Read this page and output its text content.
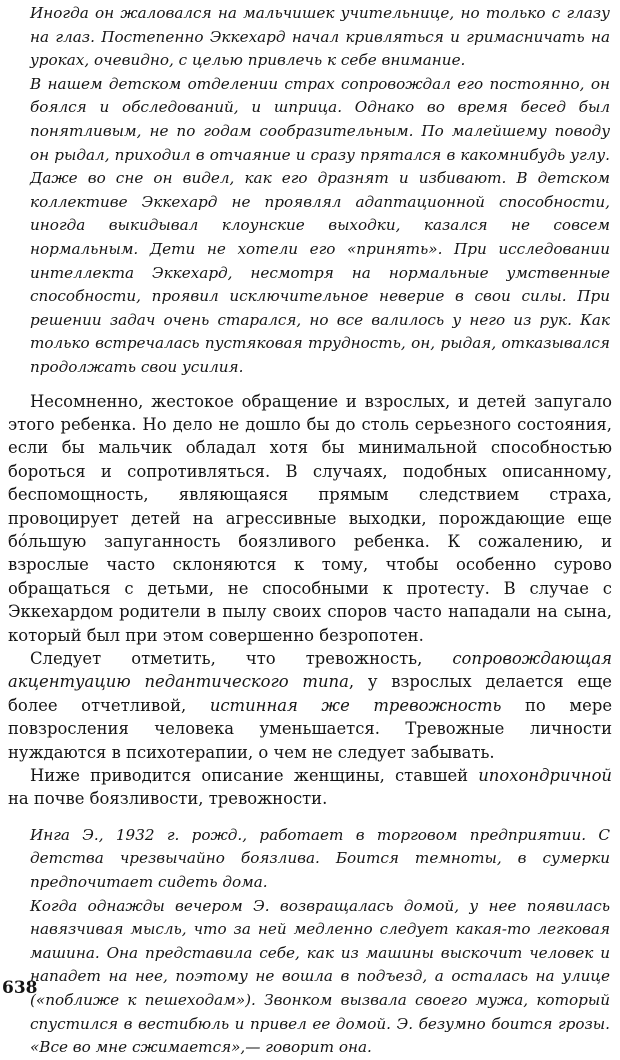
Иногда он жаловался на мальчишек учительнице, но только с глазу на глаз. Постепенно Эккехард начал кривляться и гримасничать на уроках, очевидно, с целью привлечь к себе внимание.

В нашем детском отделении страх сопровождал его постоянно, он боялся и обследований, и шприца. Однако во время бесед был понятливым, не по годам сообразительным. По малейшему поводу он рыдал, приходил в отчаяние и сразу прятался в какомнибудь углу. Даже во сне он видел, как его дразнят и избивают. В детском коллективе Эккехард не проявлял адаптационной способности, иногда выкидывал клоунские выходки, казался не совсем нормальным. Дети не хотели его «принять». При исследовании интеллекта Эккехард, несмотря на нормальные умственные способности, проявил исключительное неверие в свои силы. При решении задач очень старался, но все валилось у него из рук. Как только встречалась пустяковая трудность, он, рыдая, отказывался продолжать свои усилия.

Несомненно, жестокое обращение и взрослых, и детей запугало этого ребенка. Но дело не дошло бы до столь серьезного состояния, если бы мальчик обладал хотя бы минимальной способностью бороться и сопротивляться. В случаях, подобных описанному, беспомощность, являющаяся прямым следствием страха, провоцирует детей на агрессивные выходки, порождающие еще бóльшую запуганность боязливого ребенка. К сожалению, и взрослые часто склоняются к тому, чтобы особенно сурово обращаться с детьми, не способными к протесту. В случае с Эккехардом родители в пылу своих споров часто нападали на сына, который был при этом совершенно безропотен.

Следует отметить, что тревожность, сопровождающая акцентуацию педантического типа, у взрослых делается еще более отчетливой, истинная же тревожность по мере повзросления человека уменьшается. Тревожные личности нуждаются в психотерапии, о чем не следует забывать.

Ниже приводится описание женщины, ставшей ипохондричной на почве боязливости, тревожности.

Инга Э., 1932 г. рожд., работает в торговом предприятии. С детства чрезвычайно боязлива. Боится темноты, в сумерки предпочитает сидеть дома.

Когда однажды вечером Э. возвращалась домой, у нее появилась навязчивая мысль, что за ней медленно следует какая-то легковая машина. Она представила себе, как из машины выскочит человек и нападет на нее, поэтому не вошла в подъезд, а осталась на улице («поближе к пешеходам»). Звонком вызвала своего мужа, который спустился в вестибюль и привел ее домой. Э. безумно боится грозы. «Все во мне сжимается»,— говорит она.

638
